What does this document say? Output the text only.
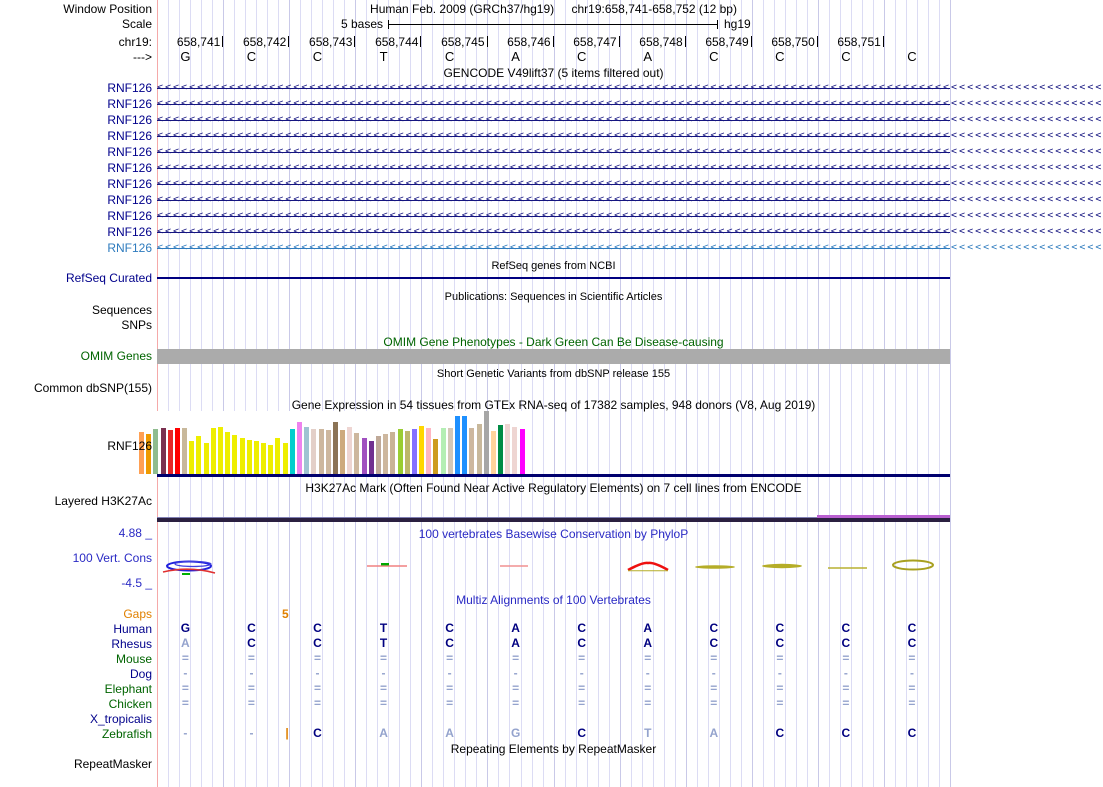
Window Position
Scale
chr19:
--->
Human Feb. 2009 (GRCh37/hg19) chr19:658,741-658,752 (12 bp)
5 bases	hg19
GENCODE V49lift37 (5 items filtered out)
RefSeq genes from NCBI
Publications: Sequences in Scientific Articles
OMIM Gene Phenotypes - Dark Green Can Be Disease-causing
Short Genetic Variants from dbSNP release 155
Gene Expression in 54 tissues from GTEx RNA-seq of 17382 samples, 948 donors (V8, Aug 2019)
H3K27Ac Mark (Often Found Near Active Regulatory Elements) on 7 cell lines from ENCODE
4.88 _	100 vertebrates Basewise Conservation by PhyloP
-4.5 _
Multiz Alignments of 100 Vertebrates
Gaps	5
Repeating Elements by RepeatMasker
RepeatMasker
658,741 658,742 658,743 658,744 658,745 658,746 658,747 658,748 658,749 658,750 658,751
G	C	C	T	C	A	C	A	C	C	C	C
RNF126 <<<<<<<<<<<<<<<<<<<<<<<<<<<<<<<<<<<<<<<<<<<<<<<<<<<<<<<<<<<<<<<<<<<<<<<<<<<<<<<<<<<<<<<<<<<<<<<<<<<<<<<<<<<<<<<<<<<<<<
RNF126 <<<<<<<<<<<<<<<<<<<<<<<<<<<<<<<<<<<<<<<<<<<<<<<<<<<<<<<<<<<<<<<<<<<<<<<<<<<<<<<<<<<<<<<<<<<<<<<<<<<<<<<<<<<<<<<<<<<<<<
RNF126 <<<<<<<<<<<<<<<<<<<<<<<<<<<<<<<<<<<<<<<<<<<<<<<<<<<<<<<<<<<<<<<<<<<<<<<<<<<<<<<<<<<<<<<<<<<<<<<<<<<<<<<<<<<<<<<<<<<<<<
RNF126 <<<<<<<<<<<<<<<<<<<<<<<<<<<<<<<<<<<<<<<<<<<<<<<<<<<<<<<<<<<<<<<<<<<<<<<<<<<<<<<<<<<<<<<<<<<<<<<<<<<<<<<<<<<<<<<<<<<<<<
RNF126 <<<<<<<<<<<<<<<<<<<<<<<<<<<<<<<<<<<<<<<<<<<<<<<<<<<<<<<<<<<<<<<<<<<<<<<<<<<<<<<<<<<<<<<<<<<<<<<<<<<<<<<<<<<<<<<<<<<<<<
RNF126 <<<<<<<<<<<<<<<<<<<<<<<<<<<<<<<<<<<<<<<<<<<<<<<<<<<<<<<<<<<<<<<<<<<<<<<<<<<<<<<<<<<<<<<<<<<<<<<<<<<<<<<<<<<<<<<<<<<<<<
RNF126 <<<<<<<<<<<<<<<<<<<<<<<<<<<<<<<<<<<<<<<<<<<<<<<<<<<<<<<<<<<<<<<<<<<<<<<<<<<<<<<<<<<<<<<<<<<<<<<<<<<<<<<<<<<<<<<<<<<<<<
RNF126 <<<<<<<<<<<<<<<<<<<<<<<<<<<<<<<<<<<<<<<<<<<<<<<<<<<<<<<<<<<<<<<<<<<<<<<<<<<<<<<<<<<<<<<<<<<<<<<<<<<<<<<<<<<<<<<<<<<<<<
RNF126 <<<<<<<<<<<<<<<<<<<<<<<<<<<<<<<<<<<<<<<<<<<<<<<<<<<<<<<<<<<<<<<<<<<<<<<<<<<<<<<<<<<<<<<<<<<<<<<<<<<<<<<<<<<<<<<<<<<<<<
RNF126 <<<<<<<<<<<<<<<<<<<<<<<<<<<<<<<<<<<<<<<<<<<<<<<<<<<<<<<<<<<<<<<<<<<<<<<<<<<<<<<<<<<<<<<<<<<<<<<<<<<<<<<<<<<<<<<<<<<<<<
RNF126 <<<<<<<<<<<<<<<<<<<<<<<<<<<<<<<<<<<<<<<<<<<<<<<<<<<<<<<<<<<<<<<<<<<<<<<<<<<<<<<<<<<<<<<<<<<<<<<<<<<<<<<<<<<<<<<<<<<<<<
RefSeq Curated
Sequences
SNPs
OMIM Genes
Common dbSNP(155)
RNF126
Layered H3K27Ac
100 Vert. Cons
Human	G	C	C	T	C	A	C	A	C	C	C	C
Rhesus	A	C	C	T	C	A	C	A	C	C	C	C
Mouse	=	=	=	=	=	=	=	=	=	=	=	=
Dog	-	-	-	-	-	-	-	-	-	-	-	-
Elephant	=	=	=	=	=	=	=	=	=	=	=	=
Chicken	=	=	=	=	=	=	=	=	=	=	=	=
X_tropicalis
Zebrafish	-	-	C	A	A	G	C	T	A	C	C	C
|
